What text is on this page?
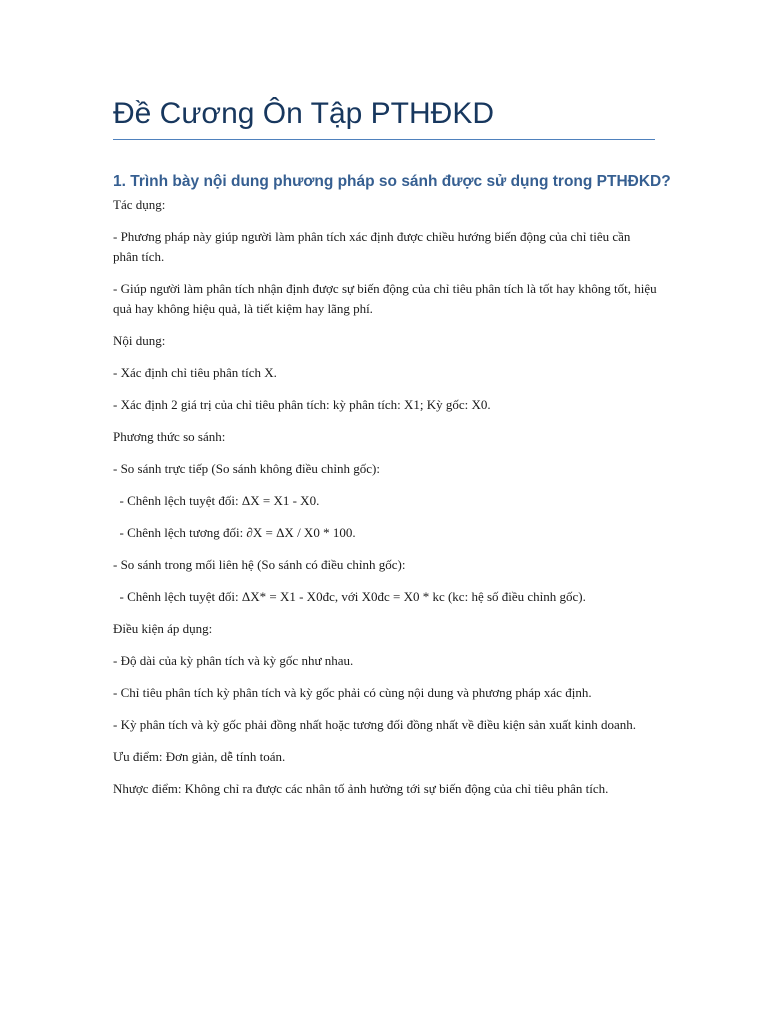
Đề Cương Ôn Tập PTHĐKD
1. Trình bày nội dung phương pháp so sánh được sử dụng trong PTHĐKD?

Tác dụng:

- Phương pháp này giúp người làm phân tích xác định được chiều hướng biến động của chỉ tiêu cần phân tích.

- Giúp người làm phân tích nhận định được sự biến động của chỉ tiêu phân tích là tốt hay không tốt, hiệu quả hay không hiệu quả, là tiết kiệm hay lãng phí.

Nội dung:

- Xác định chỉ tiêu phân tích X.

- Xác định 2 giá trị của chỉ tiêu phân tích: kỳ phân tích: X1; Kỳ gốc: X0.

Phương thức so sánh:

- So sánh trực tiếp (So sánh không điều chỉnh gốc):

- Chênh lệch tuyệt đối: ΔX = X1 - X0.

- Chênh lệch tương đối: ∂X = ΔX / X0 * 100.

- So sánh trong mối liên hệ (So sánh có điều chỉnh gốc):

- Chênh lệch tuyệt đối: ΔX* = X1 - X0đc, với X0đc = X0 * kc (kc: hệ số điều chỉnh gốc).

Điều kiện áp dụng:

- Độ dài của kỳ phân tích và kỳ gốc như nhau.

- Chỉ tiêu phân tích kỳ phân tích và kỳ gốc phải có cùng nội dung và phương pháp xác định.

- Kỳ phân tích và kỳ gốc phải đồng nhất hoặc tương đối đồng nhất về điều kiện sản xuất kinh doanh.

Ưu điểm: Đơn giản, dễ tính toán.

Nhược điểm: Không chỉ ra được các nhân tố ảnh hưởng tới sự biến động của chỉ tiêu phân tích.
